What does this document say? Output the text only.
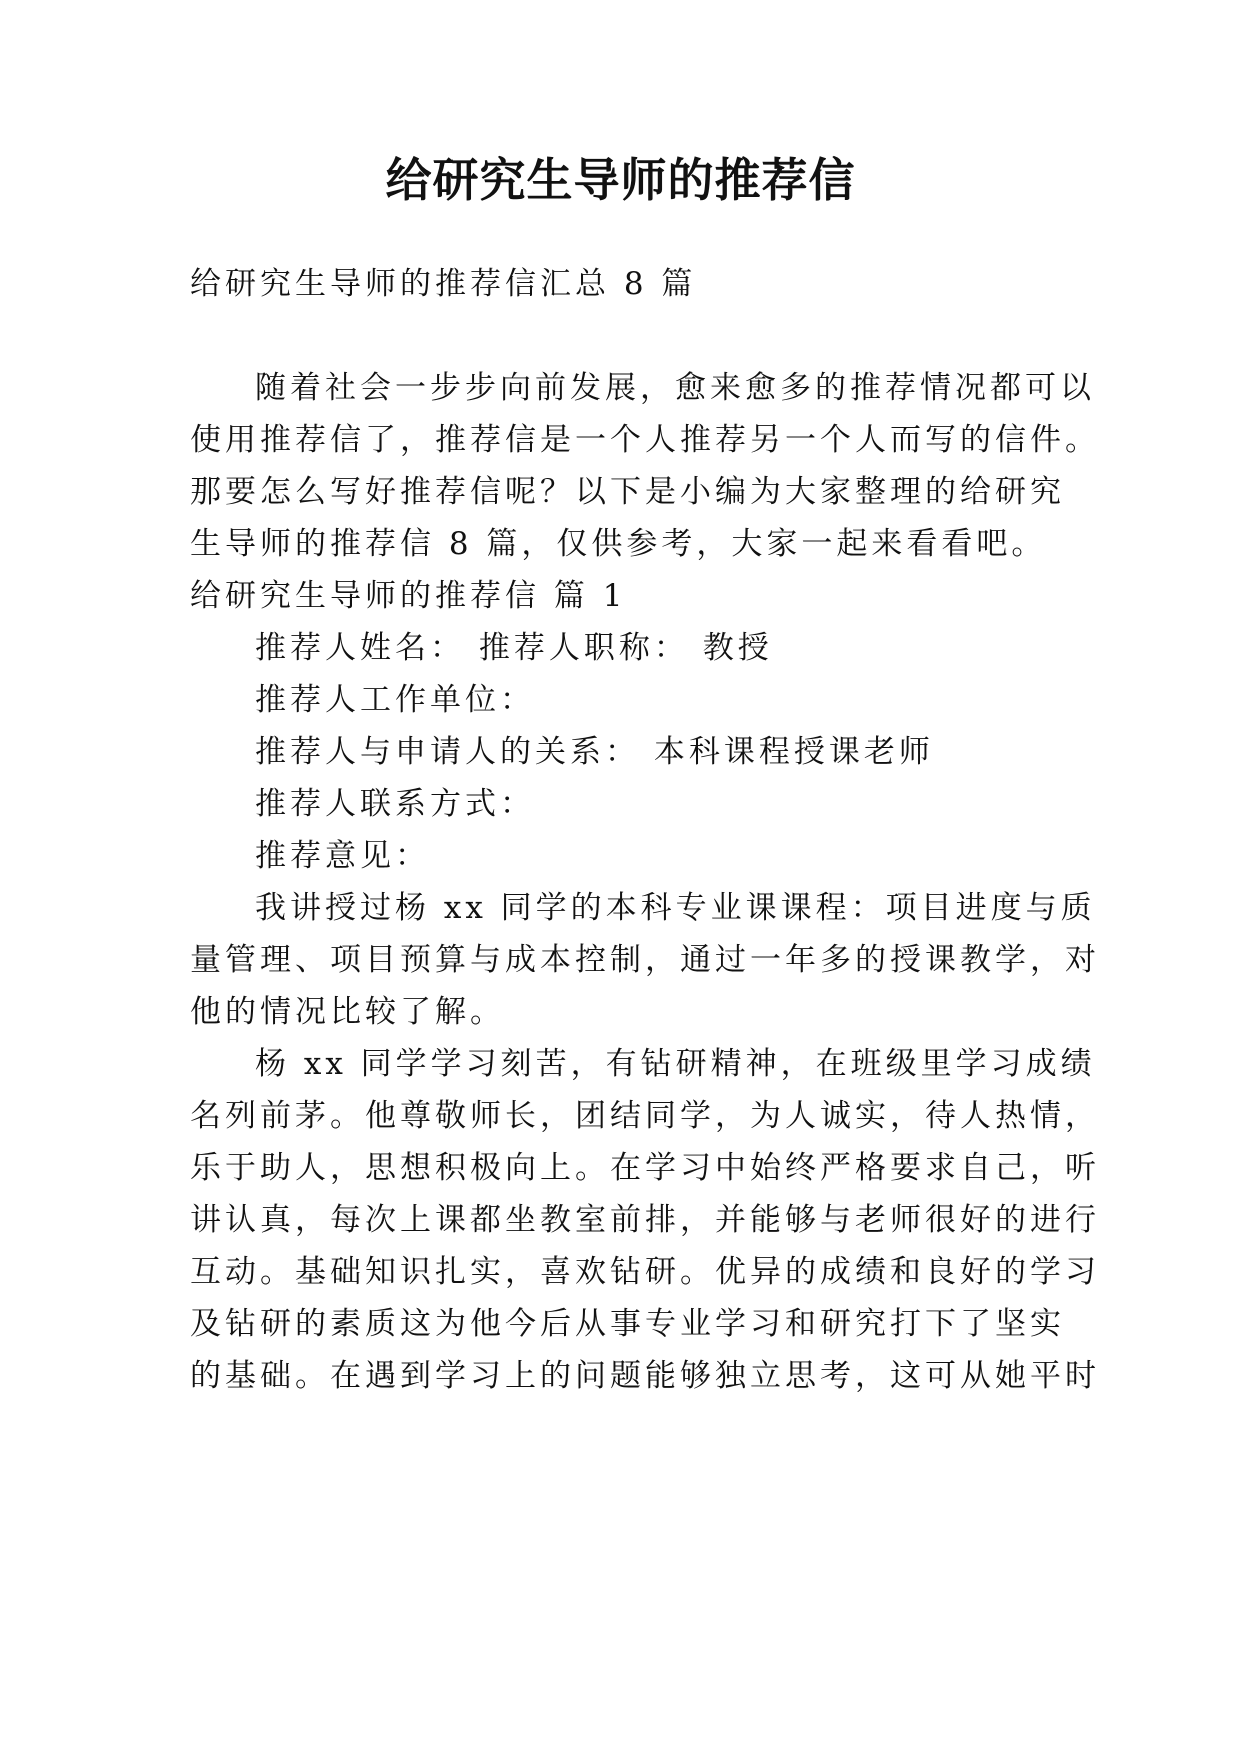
给研究生导师的推荐信
给研究生导师的推荐信汇总 8 篇
随着社会一步步向前发展，愈来愈多的推荐情况都可以
使用推荐信了，推荐信是一个人推荐另一个人而写的信件。
那要怎么写好推荐信呢？以下是小编为大家整理的给研究
生导师的推荐信 8 篇，仅供参考，大家一起来看看吧。
给研究生导师的推荐信 篇 1
推荐人姓名： 推荐人职称： 教授
推荐人工作单位：
推荐人与申请人的关系： 本科课程授课老师
推荐人联系方式：
推荐意见：
我讲授过杨 xx 同学的本科专业课课程：项目进度与质
量管理、项目预算与成本控制，通过一年多的授课教学，对
他的情况比较了解。
杨 xx 同学学习刻苦，有钻研精神，在班级里学习成绩
名列前茅。他尊敬师长，团结同学，为人诚实，待人热情，
乐于助人，思想积极向上。在学习中始终严格要求自己，听
讲认真，每次上课都坐教室前排，并能够与老师很好的进行
互动。基础知识扎实，喜欢钻研。优异的成绩和良好的学习
及钻研的素质这为他今后从事专业学习和研究打下了坚实
的基础。在遇到学习上的问题能够独立思考，这可从她平时
